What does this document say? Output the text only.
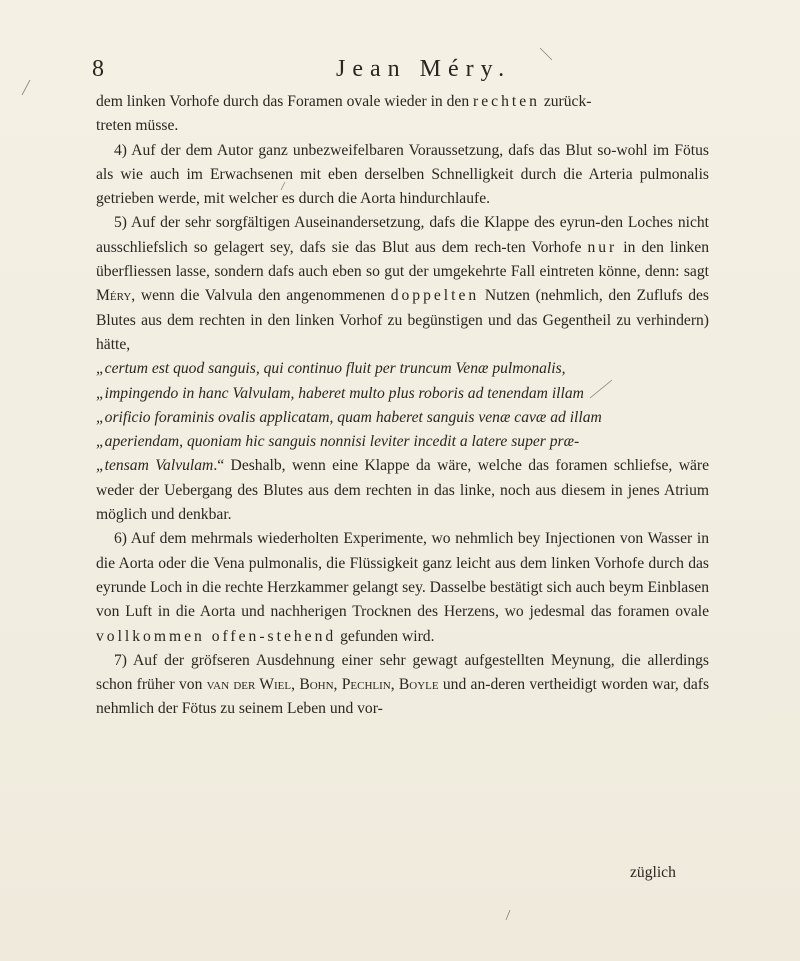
8	Jean Méry.

dem linken Vorhofe durch das Foramen ovale wieder in den rechten zurück-
treten müsse.

4) Auf der dem Autor ganz unbezweifelbaren Voraussetzung, dafs das Blut so-wohl im Fötus als wie auch im Erwachsenen mit eben derselben Schnelligkeit durch die Arteria pulmonalis getrieben werde, mit welcher es durch die Aorta hindurchlaufe.

5) Auf der sehr sorgfältigen Auseinandersetzung, dafs die Klappe des eyrun-den Loches nicht ausschliefslich so gelagert sey, dafs sie das Blut aus dem rech-ten Vorhofe nur in den linken überfliessen lasse, sondern dafs auch eben so gut der umgekehrte Fall eintreten könne, denn: sagt Méry, wenn die Valvula den angenommenen doppelten Nutzen (nehmlich, den Zuflufs des Blutes aus dem rechten in den linken Vorhof zu begünstigen und das Gegentheil zu verhindern) hätte,
„certum est quod sanguis, qui continuo fluit per truncum Venæ pulmonalis,
„impingendo in hanc Valvulam, haberet multo plus roboris ad tenendam illam
„orificio foraminis ovalis applicatam, quam haberet sanguis venæ cavæ ad illam
„aperiendam, quoniam hic sanguis nonnisi leviter incedit a latere super præ-
„tensam Valvulam.“ Deshalb, wenn eine Klappe da wäre, welche das foramen schliefse, wäre weder der Uebergang des Blutes aus dem rechten in das linke, noch aus diesem in jenes Atrium möglich und denkbar.

6) Auf dem mehrmals wiederholten Experimente, wo nehmlich bey Injectionen von Wasser in die Aorta oder die Vena pulmonalis, die Flüssigkeit ganz leicht aus dem linken Vorhofe durch das eyrunde Loch in die rechte Herzkammer gelangt sey. Dasselbe bestätigt sich auch beym Einblasen von Luft in die Aorta und nachherigen Trocknen des Herzens, wo jedesmal das foramen ovale vollkommen offen-stehend gefunden wird.

7) Auf der gröfseren Ausdehnung einer sehr gewagt aufgestellten Meynung, die allerdings schon früher von van der Wiel, Bohn, Pechlin, Boyle und an-deren vertheidigt worden war, dafs nehmlich der Fötus zu seinem Leben und vor-

züglich
